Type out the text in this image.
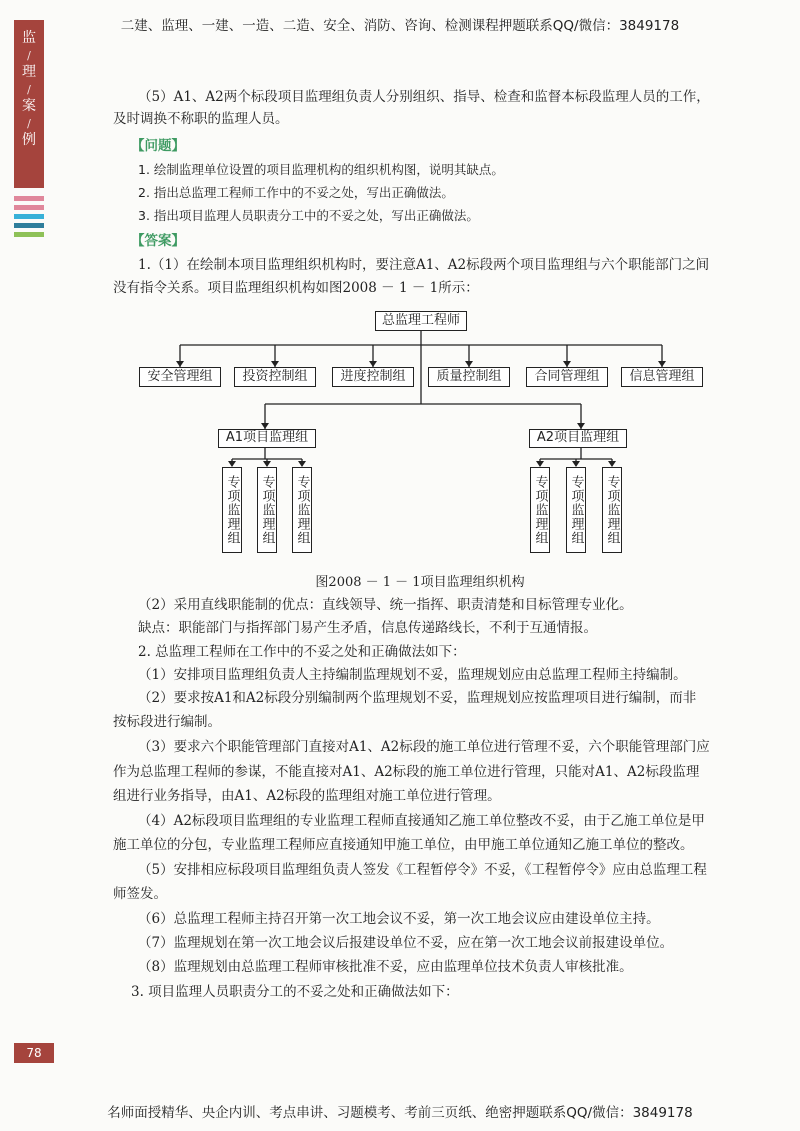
二建、监理、一建、一造、二造、安全、消防、咨询、检测课程押题联系QQ/微信：3849178
监
/
理
/
案
/
例
（5）A1、A2两个标段项目监理组负责人分别组织、指导、检查和监督本标段监理人员的工作，
及时调换不称职的监理人员。
【问题】
1. 绘制监理单位设置的项目监理机构的组织机构图，说明其缺点。
2. 指出总监理工程师工作中的不妥之处，写出正确做法。
3. 指出项目监理人员职责分工中的不妥之处，写出正确做法。
【答案】
1.（1）在绘制本项目监理组织机构时，要注意A1、A2标段两个项目监理组与六个职能部门之间
没有指令关系。项目监理组织机构如图2008 － 1 － 1所示：
总监理工程师
安全管理组	投资控制组	进度控制组	质量控制组	合同管理组	信息管理组
A1项目监理组	A2项目监理组
专项监理组 专项监理组 专项监理组	专项监理组 专项监理组 专项监理组
图2008 － 1 － 1项目监理组织机构
（2）采用直线职能制的优点：直线领导、统一指挥、职责清楚和目标管理专业化。
缺点：职能部门与指挥部门易产生矛盾，信息传递路线长，不利于互通情报。
2. 总监理工程师在工作中的不妥之处和正确做法如下：
（1）安排项目监理组负责人主持编制监理规划不妥，监理规划应由总监理工程师主持编制。
（2）要求按A1和A2标段分别编制两个监理规划不妥，监理规划应按监理项目进行编制，而非
按标段进行编制。
（3）要求六个职能管理部门直接对A1、A2标段的施工单位进行管理不妥，六个职能管理部门应
作为总监理工程师的参谋，不能直接对A1、A2标段的施工单位进行管理，只能对A1、A2标段监理
组进行业务指导，由A1、A2标段的监理组对施工单位进行管理。
（4）A2标段项目监理组的专业监理工程师直接通知乙施工单位整改不妥，由于乙施工单位是甲
施工单位的分包，专业监理工程师应直接通知甲施工单位，由甲施工单位通知乙施工单位的整改。
（5）安排相应标段项目监理组负责人签发《工程暂停令》不妥，《工程暂停令》应由总监理工程
师签发。
（6）总监理工程师主持召开第一次工地会议不妥，第一次工地会议应由建设单位主持。
（7）监理规划在第一次工地会议后报建设单位不妥，应在第一次工地会议前报建设单位。
（8）监理规划由总监理工程师审核批准不妥，应由监理单位技术负责人审核批准。
3. 项目监理人员职责分工的不妥之处和正确做法如下：
78
名师面授精华、央企内训、考点串讲、习题模考、考前三页纸、绝密押题联系QQ/微信：3849178
